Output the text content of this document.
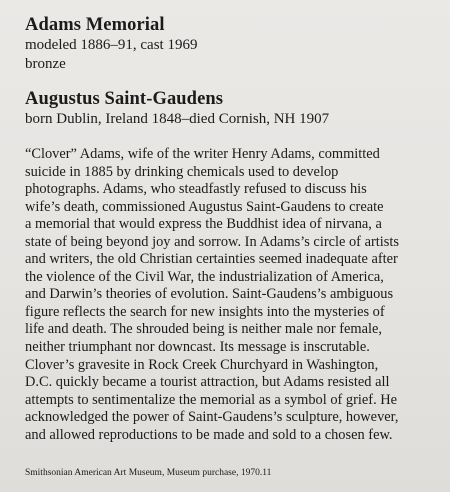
Adams Memorial

modeled 1886–91, cast 1969

bronze

Augustus Saint-Gaudens

born Dublin, Ireland 1848–died Cornish, NH 1907

“Clover” Adams, wife of the writer Henry Adams, committed
suicide in 1885 by drinking chemicals used to develop
photographs. Adams, who steadfastly refused to discuss his
wife’s death, commissioned Augustus Saint-Gaudens to create
a memorial that would express the Buddhist idea of nirvana, a
state of being beyond joy and sorrow. In Adams’s circle of artists
and writers, the old Christian certainties seemed inadequate after
the violence of the Civil War, the industrialization of America,
and Darwin’s theories of evolution. Saint-Gaudens’s ambiguous
figure reflects the search for new insights into the mysteries of
life and death. The shrouded being is neither male nor female,
neither triumphant nor downcast. Its message is inscrutable.
Clover’s gravesite in Rock Creek Churchyard in Washington,
D.C. quickly became a tourist attraction, but Adams resisted all
attempts to sentimentalize the memorial as a symbol of grief. He
acknowledged the power of Saint-Gaudens’s sculpture, however,
and allowed reproductions to be made and sold to a chosen few.
Smithsonian American Art Museum, Museum purchase, 1970.11
